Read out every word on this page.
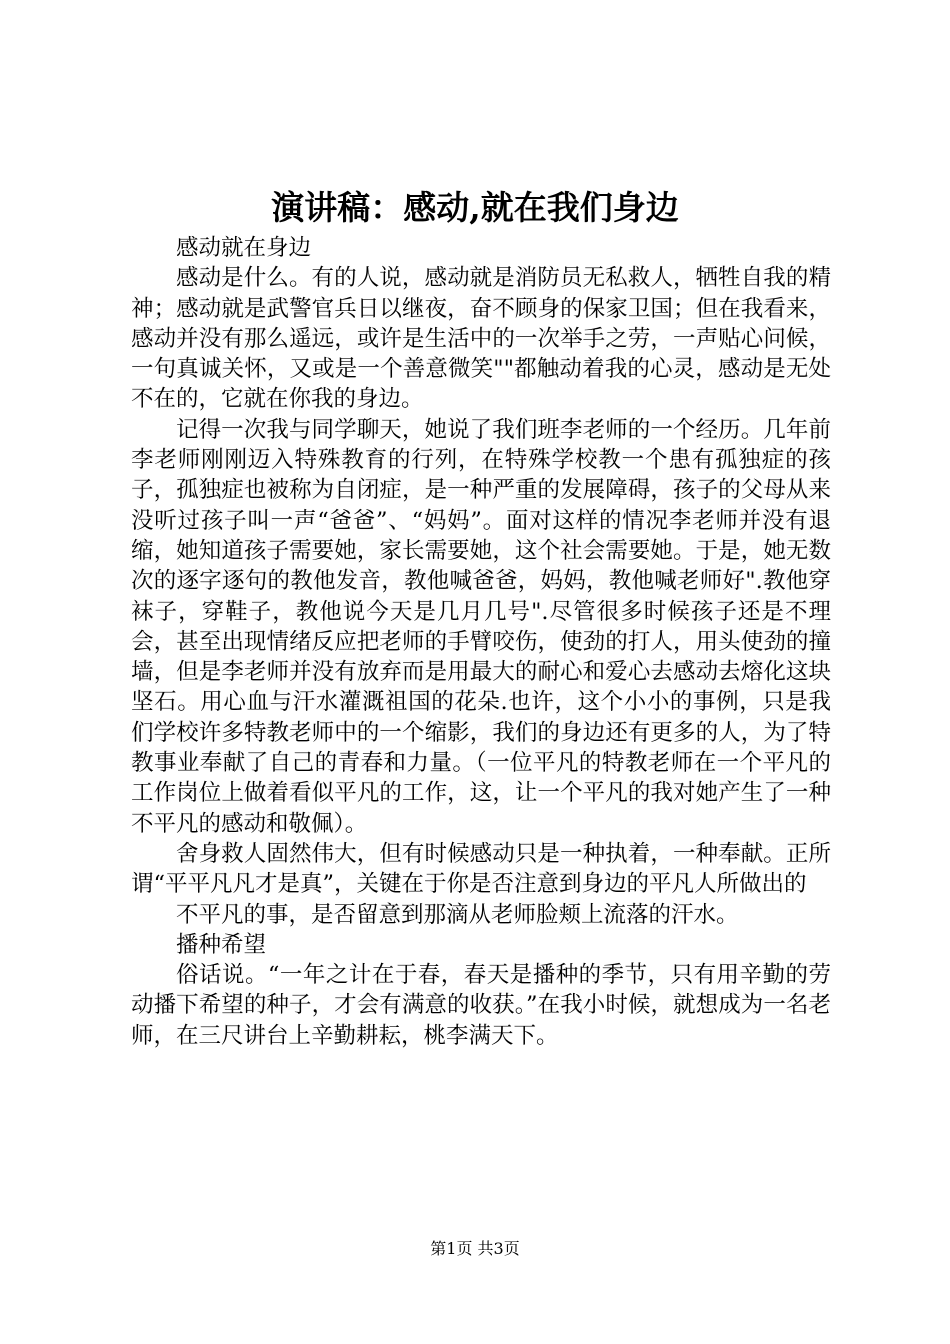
演讲稿：感动,就在我们身边

感动就在身边

感动是什么。有的人说，感动就是消防员无私救人，牺牲自我的精神；感动就是武警官兵日以继夜，奋不顾身的保家卫国；但在我看来，感动并没有那么遥远，或许是生活中的一次举手之劳，一声贴心问候，一句真诚关怀，又或是一个善意微笑""都触动着我的心灵，感动是无处不在的，它就在你我的身边。

记得一次我与同学聊天，她说了我们班李老师的一个经历。几年前李老师刚刚迈入特殊教育的行列，在特殊学校教一个患有孤独症的孩子，孤独症也被称为自闭症，是一种严重的发展障碍，孩子的父母从来没听过孩子叫一声“爸爸”、“妈妈”。面对这样的情况李老师并没有退缩，她知道孩子需要她，家长需要她，这个社会需要她。于是，她无数次的逐字逐句的教他发音，教他喊爸爸，妈妈，教他喊老师好".教他穿袜子，穿鞋子，教他说今天是几月几号".尽管很多时候孩子还是不理会，甚至出现情绪反应把老师的手臂咬伤，使劲的打人，用头使劲的撞墙，但是李老师并没有放弃而是用最大的耐心和爱心去感动去熔化这块坚石。用心血与汗水灌溉祖国的花朵.也许，这个小小的事例，只是我们学校许多特教老师中的一个缩影，我们的身边还有更多的人，为了特教事业奉献了自己的青春和力量。（一位平凡的特教老师在一个平凡的工作岗位上做着看似平凡的工作，这，让一个平凡的我对她产生了一种不平凡的感动和敬佩）。

舍身救人固然伟大，但有时候感动只是一种执着，一种奉献。正所谓“平平凡凡才是真”，关键在于你是否注意到身边的平凡人所做出的

不平凡的事，是否留意到那滴从老师脸颊上流落的汗水。

播种希望

俗话说。“一年之计在于春，春天是播种的季节，只有用辛勤的劳动播下希望的种子，才会有满意的收获。”在我小时候，就想成为一名老师，在三尺讲台上辛勤耕耘，桃李满天下。

第1页 共3页
